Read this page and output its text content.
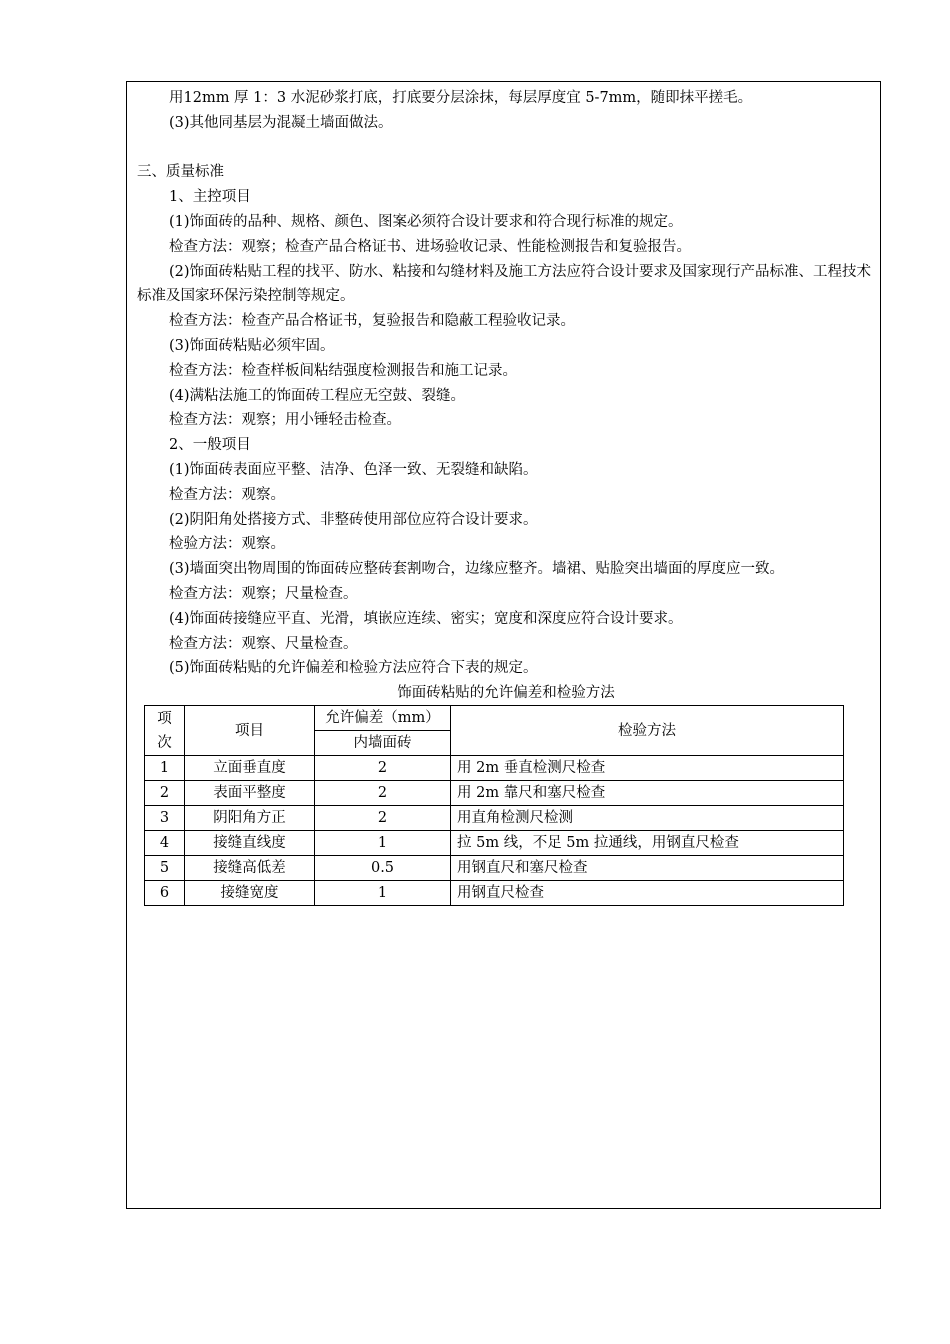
用12mm 厚 1：3 水泥砂浆打底，打底要分层涂抹，每层厚度宜 5-7mm，随即抹平搓毛。

(3)其他同基层为混凝土墙面做法。

三、质量标准

1、主控项目

(1)饰面砖的品种、规格、颜色、图案必须符合设计要求和符合现行标准的规定。

检查方法：观察；检查产品合格证书、进场验收记录、性能检测报告和复验报告。

(2)饰面砖粘贴工程的找平、防水、粘接和勾缝材料及施工方法应符合设计要求及国家现行产品标准、工程技术标准及国家环保污染控制等规定。

检查方法：检查产品合格证书，复验报告和隐蔽工程验收记录。

(3)饰面砖粘贴必须牢固。

检查方法：检查样板间粘结强度检测报告和施工记录。

(4)满粘法施工的饰面砖工程应无空鼓、裂缝。

检查方法：观察；用小锤轻击检查。

2、一般项目

(1)饰面砖表面应平整、洁净、色泽一致、无裂缝和缺陷。

检查方法：观察。

(2)阴阳角处搭接方式、非整砖使用部位应符合设计要求。

检验方法：观察。

(3)墙面突出物周围的饰面砖应整砖套割吻合，边缘应整齐。墙裙、贴脸突出墙面的厚度应一致。

检查方法：观察；尺量检查。

(4)饰面砖接缝应平直、光滑，填嵌应连续、密实；宽度和深度应符合设计要求。

检查方法：观察、尺量检查。

(5)饰面砖粘贴的允许偏差和检验方法应符合下表的规定。

饰面砖粘贴的允许偏差和检验方法

项次	项目	允许偏差（mm）	检验方法
		内墙面砖	
1	立面垂直度	2	用 2m 垂直检测尺检查
2	表面平整度	2	用 2m 靠尺和塞尺检查
3	阴阳角方正	2	用直角检测尺检测
4	接缝直线度	1	拉 5m 线，不足 5m 拉通线，用钢直尺检查
5	接缝高低差	0.5	用钢直尺和塞尺检查
6	接缝宽度	1	用钢直尺检查
